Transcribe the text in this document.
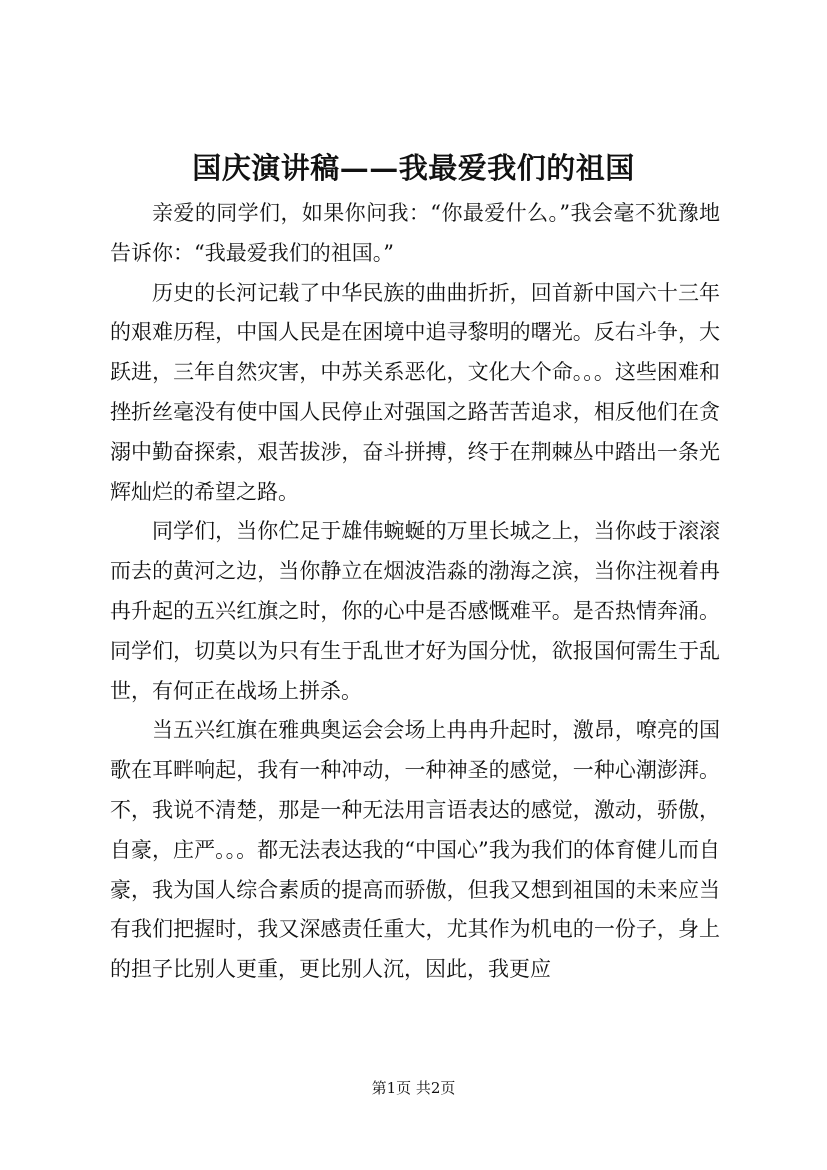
国庆演讲稿——我最爱我们的祖国

亲爱的同学们，如果你问我：“你最爱什么。”我会毫不犹豫地告诉你：“我最爱我们的祖国。”

历史的长河记载了中华民族的曲曲折折，回首新中国六十三年的艰难历程，中国人民是在困境中追寻黎明的曙光。反右斗争，大跃进，三年自然灾害，中苏关系恶化，文化大个命。。。这些困难和挫折丝毫没有使中国人民停止对强国之路苦苦追求，相反他们在贪溺中勤奋探索，艰苦拔涉，奋斗拼搏，终于在荆棘丛中踏出一条光辉灿烂的希望之路。

同学们，当你伫足于雄伟蜿蜒的万里长城之上，当你歧于滚滚而去的黄河之边，当你静立在烟波浩淼的渤海之滨，当你注视着冉冉升起的五兴红旗之时，你的心中是否感慨难平。是否热情奔涌。同学们，切莫以为只有生于乱世才好为国分忧，欲报国何需生于乱世，有何正在战场上拼杀。

当五兴红旗在雅典奥运会会场上冉冉升起时，激昂，嘹亮的国歌在耳畔响起，我有一种冲动，一种神圣的感觉，一种心潮澎湃。不，我说不清楚，那是一种无法用言语表达的感觉，激动，骄傲，自豪，庄严。。。都无法表达我的“中国心”我为我们的体育健儿而自豪，我为国人综合素质的提高而骄傲，但我又想到祖国的未来应当有我们把握时，我又深感责任重大，尤其作为机电的一份子，身上的担子比别人更重，更比别人沉，因此，我更应

第1页 共2页
